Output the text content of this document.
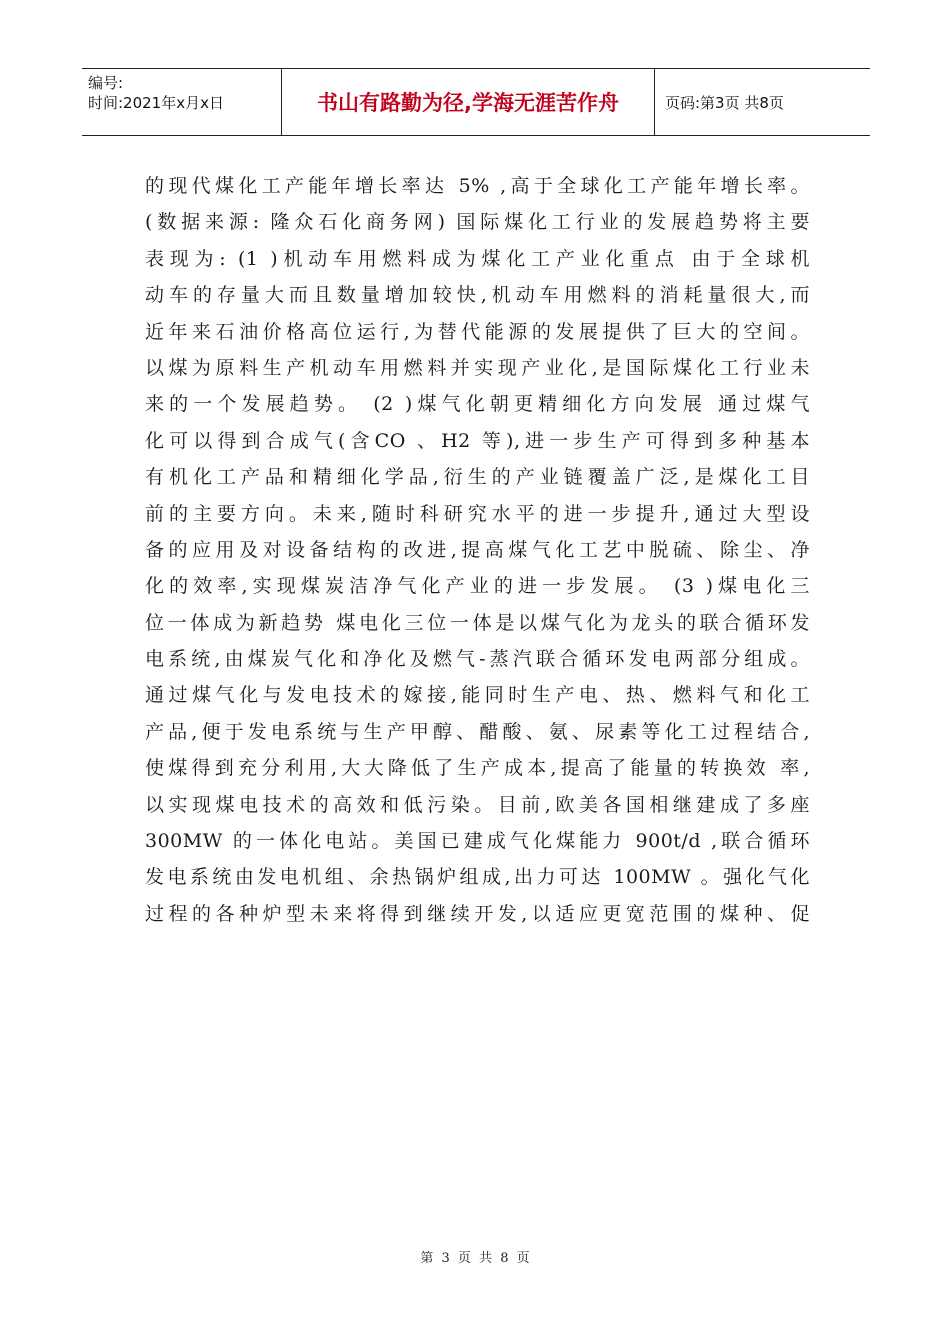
编号:
时间:2021年x月x日	书山有路勤为径,学海无涯苦作舟	页码:第3页 共8页
的现代煤化工产能年增长率达 5% ,高于全球化工产能年增长率。
(数据来源: 隆众石化商务网) 国际煤化工行业的发展趋势将主要
表现为: (1 )机动车用燃料成为煤化工产业化重点 由于全球机
动车的存量大而且数量增加较快,机动车用燃料的消耗量很大,而
近年来石油价格高位运行,为替代能源的发展提供了巨大的空间。
以煤为原料生产机动车用燃料并实现产业化,是国际煤化工行业未
来的一个发展趋势。 (2 )煤气化朝更精细化方向发展 通过煤气
化可以得到合成气(含CO 、H2 等),进一步生产可得到多种基本
有机化工产品和精细化学品,衍生的产业链覆盖广泛,是煤化工目
前的主要方向。未来,随时科研究水平的进一步提升,通过大型设
备的应用及对设备结构的改进,提高煤气化工艺中脱硫、除尘、净
化的效率,实现煤炭洁净气化产业的进一步发展。 (3 )煤电化三
位一体成为新趋势 煤电化三位一体是以煤气化为龙头的联合循环发
电系统,由煤炭气化和净化及燃气-蒸汽联合循环发电两部分组成。
通过煤气化与发电技术的嫁接,能同时生产电、热、燃料气和化工
产品,便于发电系统与生产甲醇、醋酸、氨、尿素等化工过程结合,
使煤得到充分利用,大大降低了生产成本,提高了能量的转换效 率,
以实现煤电技术的高效和低污染。目前,欧美各国相继建成了多座
300MW 的一体化电站。美国已建成气化煤能力 900t/d ,联合循环
发电系统由发电机组、余热锅炉组成,出力可达 100MW 。强化气化
过程的各种炉型未来将得到继续开发,以适应更宽范围的煤种、促
第 3 页 共 8 页
